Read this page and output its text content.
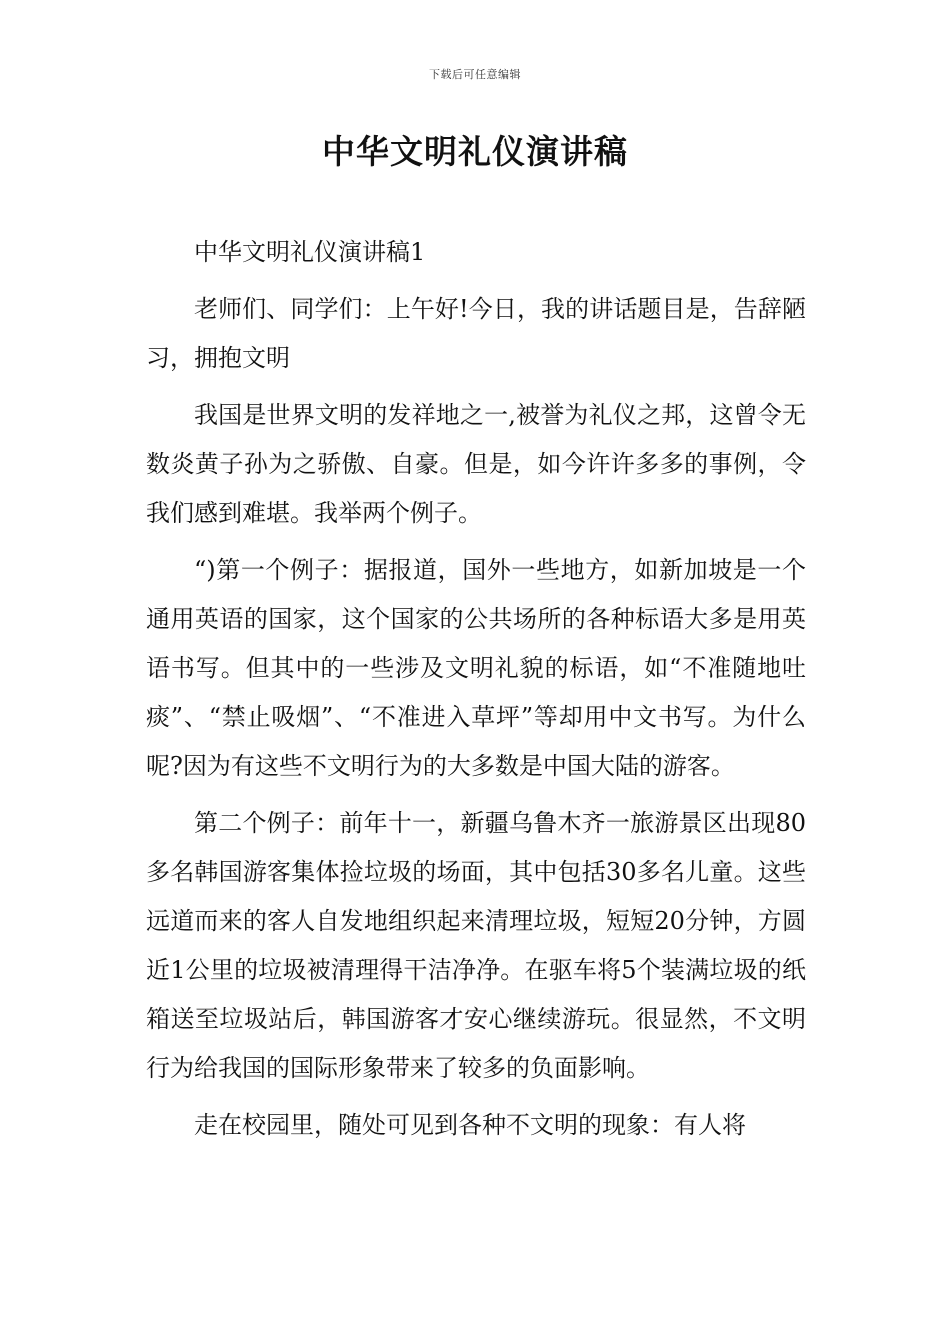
下载后可任意编辑
中华文明礼仪演讲稿

中华文明礼仪演讲稿1

老师们、同学们：上午好!今日，我的讲话题目是，告辞陋习，拥抱文明

我国是世界文明的发祥地之一,被誉为礼仪之邦，这曾令无数炎黄子孙为之骄傲、自豪。但是，如今许许多多的事例，令我们感到难堪。我举两个例子。

“)第一个例子：据报道，国外一些地方，如新加坡是一个通用英语的国家，这个国家的公共场所的各种标语大多是用英语书写。但其中的一些涉及文明礼貌的标语，如“不准随地吐痰”、“禁止吸烟”、“不准进入草坪”等却用中文书写。为什么呢?因为有这些不文明行为的大多数是中国大陆的游客。

第二个例子：前年十一，新疆乌鲁木齐一旅游景区出现80多名韩国游客集体捡垃圾的场面，其中包括30多名儿童。这些远道而来的客人自发地组织起来清理垃圾，短短20分钟，方圆近1公里的垃圾被清理得干洁净净。在驱车将5个装满垃圾的纸箱送至垃圾站后，韩国游客才安心继续游玩。很显然，不文明行为给我国的国际形象带来了较多的负面影响。

走在校园里，随处可见到各种不文明的现象：有人将
